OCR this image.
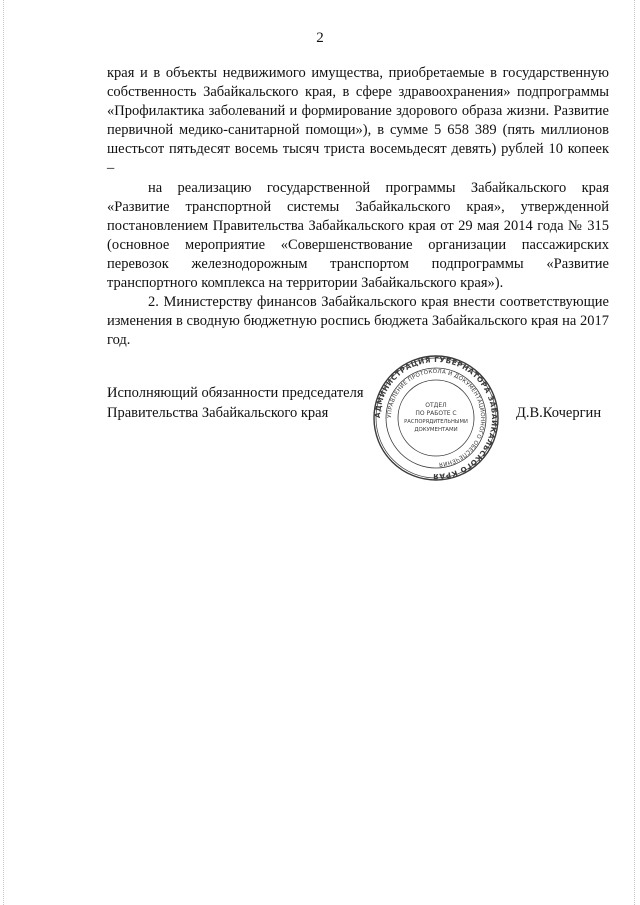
2

края и в объекты недвижимого имущества, приобретаемые в государственную собственность Забайкальского края, в сфере здравоохранения» подпрограммы «Профилактика заболеваний и формирование здорового образа жизни. Развитие первичной медико-санитарной помощи»), в сумме 5 658 389 (пять миллионов шестьсот пятьдесят восемь тысяч триста восемьдесят девять) рублей 10 копеек –

на реализацию государственной программы Забайкальского края «Развитие транспортной системы Забайкальского края», утвержденной постановлением Правительства Забайкальского края от 29 мая 2014 года № 315 (основное мероприятие «Совершенствование организации пассажирских перевозок железнодорожным транспортом подпрограммы «Развитие транспортного комплекса на территории Забайкальского края»).

2. Министерству финансов Забайкальского края внести соответствующие изменения в сводную бюджетную роспись бюджета Забайкальского края на 2017 год.

Исполняющий обязанности председателя
Правительства Забайкальского края	Д.В.Кочергин
АДМИНИСТРАЦИЯ ГУБЕРНАТОРА ЗАБАЙКАЛЬСКОГО КРАЯ
УПРАВЛЕНИЕ ПРОТОКОЛА И ДОКУМЕНТАЦИОННОГО ОБЕСПЕЧЕНИЯ
ОТДЕЛ
ПО РАБОТЕ С
РАСПОРЯДИТЕЛЬНЫМИ
ДОКУМЕНТАМИ
